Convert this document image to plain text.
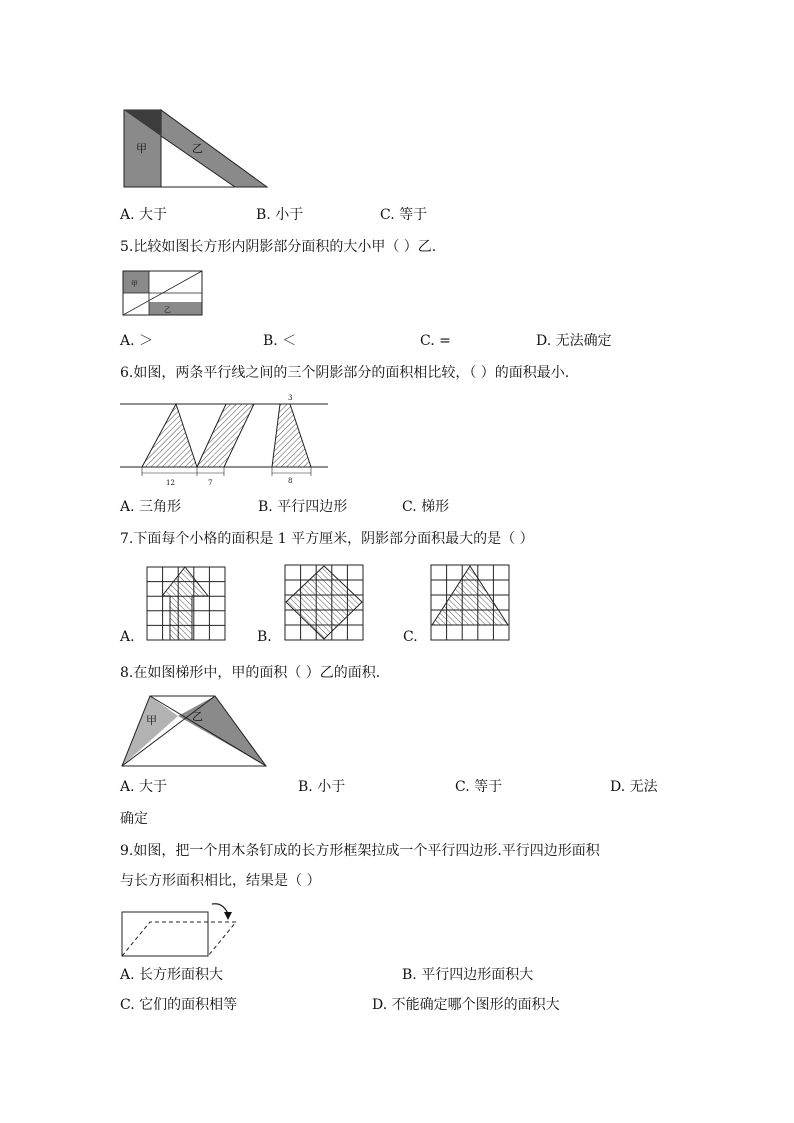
甲	乙
A. 大于	B. 小于	C. 等于
5.比较如图长方形内阴影部分面积的大小甲（ ）乙.
甲
乙
A. ＞	B. ＜	C. =	D. 无法确定
6.如图，两条平行线之间的三个阴影部分的面积相比较，（ ）的面积最小.
12	7	8
3
A. 三角形	B. 平行四边形	C. 梯形
7.下面每个小格的面积是 1 平方厘米，阴影部分面积最大的是（ ）
A.	B.	C.
8.在如图梯形中，甲的面积（ ）乙的面积.
甲	乙
A. 大于	B. 小于	C. 等于	D. 无法
确定
9.如图，把一个用木条钉成的长方形框架拉成一个平行四边形.平行四边形面积
与长方形面积相比，结果是（ ）
A. 长方形面积大	B. 平行四边形面积大
C. 它们的面积相等	D. 不能确定哪个图形的面积大
